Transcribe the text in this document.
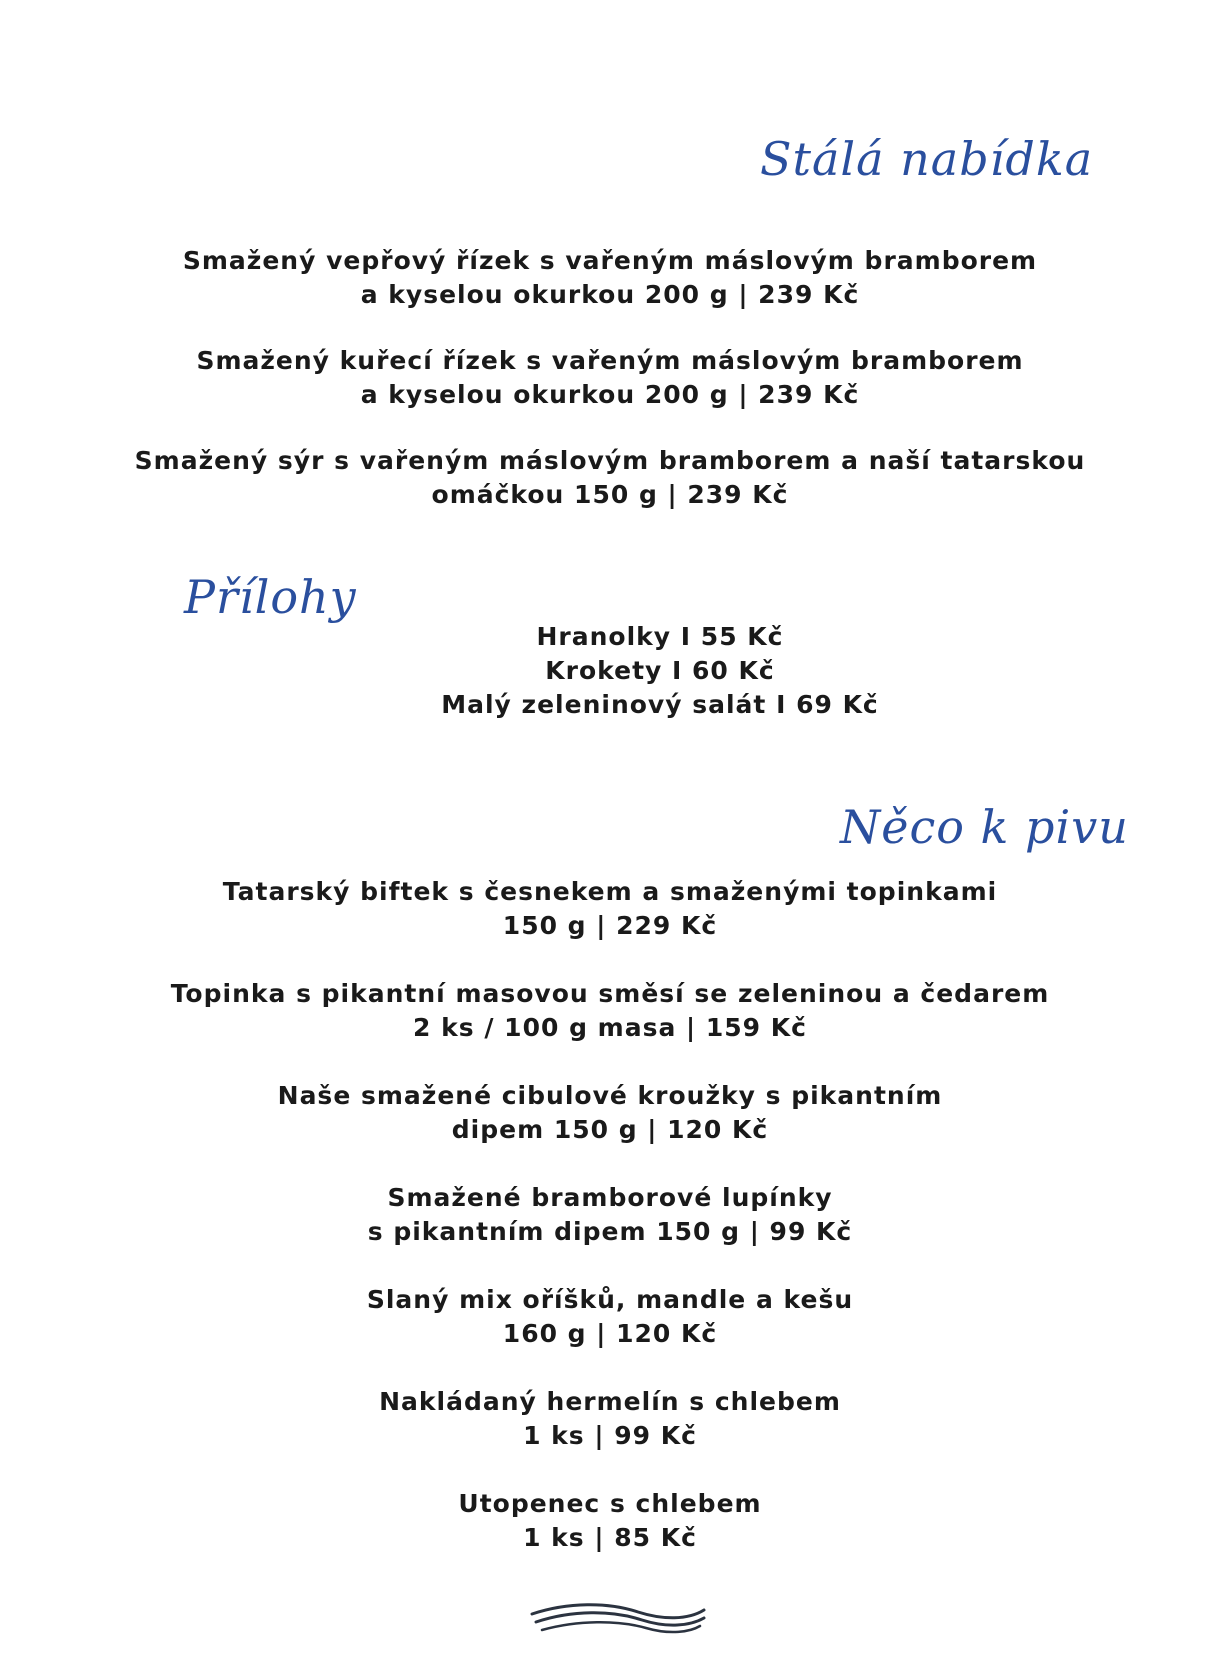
Stálá nabídka
Smažený vepřový řízek s vařeným máslovým bramborem
a kyselou okurkou 200 g | 239 Kč
Smažený kuřecí řízek s vařeným máslovým bramborem
a kyselou okurkou 200 g | 239 Kč
Smažený sýr s vařeným máslovým bramborem a naší tatarskou
omáčkou 150 g | 239 Kč
Přílohy
Hranolky I 55 Kč
Krokety I 60 Kč
Malý zeleninový salát I 69 Kč
Něco k pivu
Tatarský biftek s česnekem a smaženými topinkami
150 g | 229 Kč
Topinka s pikantní masovou směsí se zeleninou a čedarem
2 ks / 100 g masa | 159 Kč
Naše smažené cibulové kroužky s pikantním
dipem 150 g | 120 Kč
Smažené bramborové lupínky
s pikantním dipem 150 g | 99 Kč
Slaný mix oříšků, mandle a kešu
160 g | 120 Kč
Nakládaný hermelín s chlebem
1 ks | 99 Kč
Utopenec s chlebem
1 ks | 85 Kč
